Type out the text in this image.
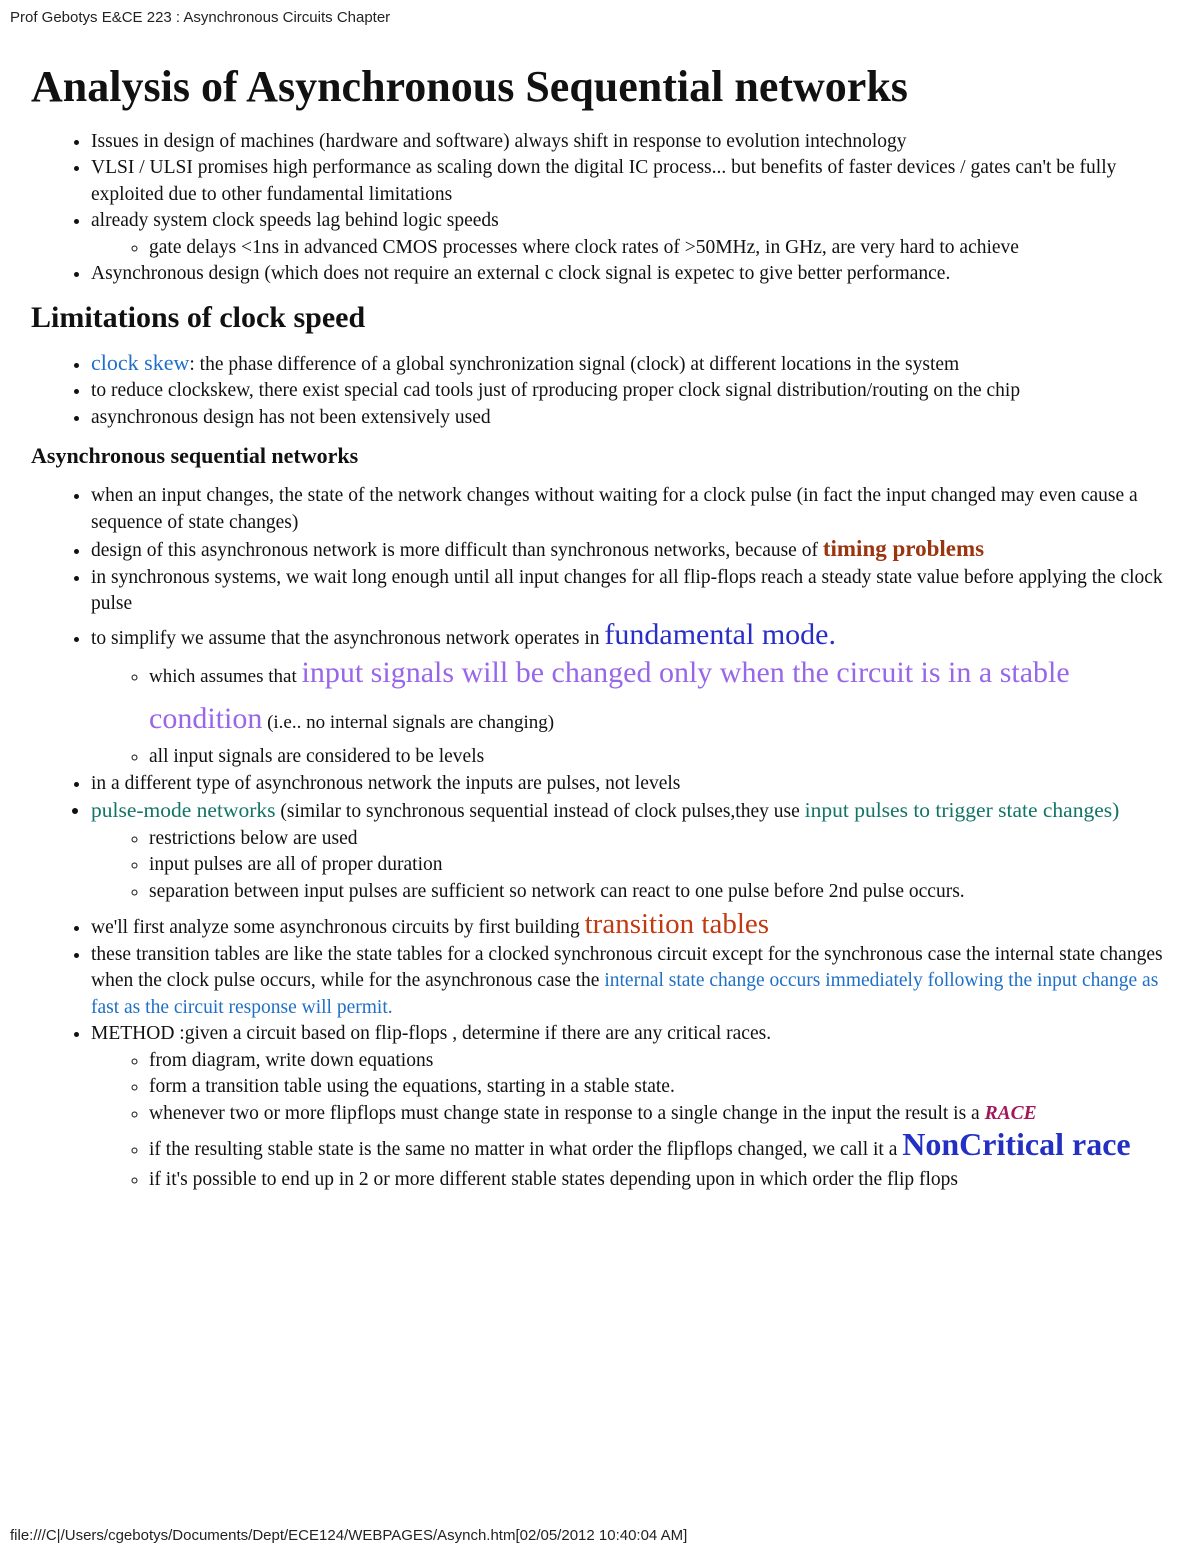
Prof Gebotys E&CE 223 : Asynchronous Circuits Chapter
Analysis of Asynchronous Sequential networks
• Issues in design of machines (hardware and software) always shift in response to evolution intechnology
• VLSI / ULSI promises high performance as scaling down the digital IC process... but benefits of faster devices / gates can't be fully exploited due to other fundamental limitations
• already system clock speeds lag behind logic speeds
◦ gate delays <1ns in advanced CMOS processes where clock rates of >50MHz, in GHz, are very hard to achieve
• Asynchronous design (which does not require an external c clock signal is expetec to give better performance.
Limitations of clock speed
• clock skew: the phase difference of a global synchronization signal (clock) at different locations in the system
• to reduce clockskew, there exist special cad tools just of rproducing proper clock signal distribution/routing on the chip
• asynchronous design has not been extensively used
Asynchronous sequential networks
• when an input changes, the state of the network changes without waiting for a clock pulse (in fact the input changed may even cause a sequence of state changes)
• design of this asynchronous network is more difficult than synchronous networks, because of timing problems
• in synchronous systems, we wait long enough until all input changes for all flip-flops reach a steady state value before applying the clock pulse
• to simplify we assume that the asynchronous network operates in fundamental mode.
◦ which assumes that input signals will be changed only when the circuit is in a stable condition (i.e.. no internal signals are changing)
◦ all input signals are considered to be levels
• in a different type of asynchronous network the inputs are pulses, not levels
• pulse-mode networks (similar to synchronous sequential instead of clock pulses,they use input pulses to trigger state changes)
◦ restrictions below are used
◦ input pulses are all of proper duration
◦ separation between input pulses are sufficient so network can react to one pulse before 2nd pulse occurs.
• we'll first analyze some asynchronous circuits by first building transition tables
• these transition tables are like the state tables for a clocked synchronous circuit except for the synchronous case the internal state changes when the clock pulse occurs, while for the asynchronous case the internal state change occurs immediately following the input change as fast as the circuit response will permit.
• METHOD :given a circuit based on flip-flops , determine if there are any critical races.
◦ from diagram, write down equations
◦ form a transition table using the equations, starting in a stable state.
◦ whenever two or more flipflops must change state in response to a single change in the input the result is a RACE
◦ if the resulting stable state is the same no matter in what order the flipflops changed, we call it a NonCritical race
◦ if it's possible to end up in 2 or more different stable states depending upon in which order the flip flops
file:///C|/Users/cgebotys/Documents/Dept/ECE124/WEBPAGES/Asynch.htm[02/05/2012 10:40:04 AM]
